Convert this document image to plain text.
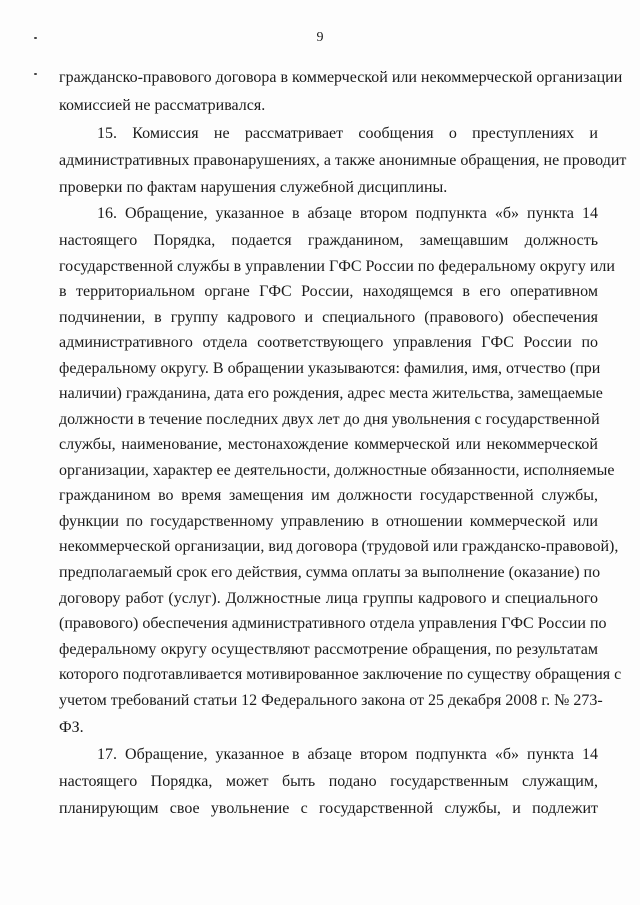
9
гражданско-правового договора в коммерческой или некоммерческой организации
комиссией не рассматривался.
15. Комиссия не рассматривает сообщения о преступлениях и
административных правонарушениях, а также анонимные обращения, не проводит
проверки по фактам нарушения служебной дисциплины.
16. Обращение, указанное в абзаце втором подпункта «б» пункта 14
настоящего Порядка, подается гражданином, замещавшим должность
государственной службы в управлении ГФС России по федеральному округу или
в территориальном органе ГФС России, находящемся в его оперативном
подчинении, в группу кадрового и специального (правового) обеспечения
административного отдела соответствующего управления ГФС России по
федеральному округу. В обращении указываются: фамилия, имя, отчество (при
наличии) гражданина, дата его рождения, адрес места жительства, замещаемые
должности в течение последних двух лет до дня увольнения с государственной
службы, наименование, местонахождение коммерческой или некоммерческой
организации, характер ее деятельности, должностные обязанности, исполняемые
гражданином во время замещения им должности государственной службы,
функции по государственному управлению в отношении коммерческой или
некоммерческой организации, вид договора (трудовой или гражданско-правовой),
предполагаемый срок его действия, сумма оплаты за выполнение (оказание) по
договору работ (услуг). Должностные лица группы кадрового и специального
(правового) обеспечения административного отдела управления ГФС России по
федеральному округу осуществляют рассмотрение обращения, по результатам
которого подготавливается мотивированное заключение по существу обращения с
учетом требований статьи 12 Федерального закона от 25 декабря 2008 г. № 273-
ФЗ.
17. Обращение, указанное в абзаце втором подпункта «б» пункта 14
настоящего Порядка, может быть подано государственным служащим,
планирующим свое увольнение с государственной службы, и подлежит
